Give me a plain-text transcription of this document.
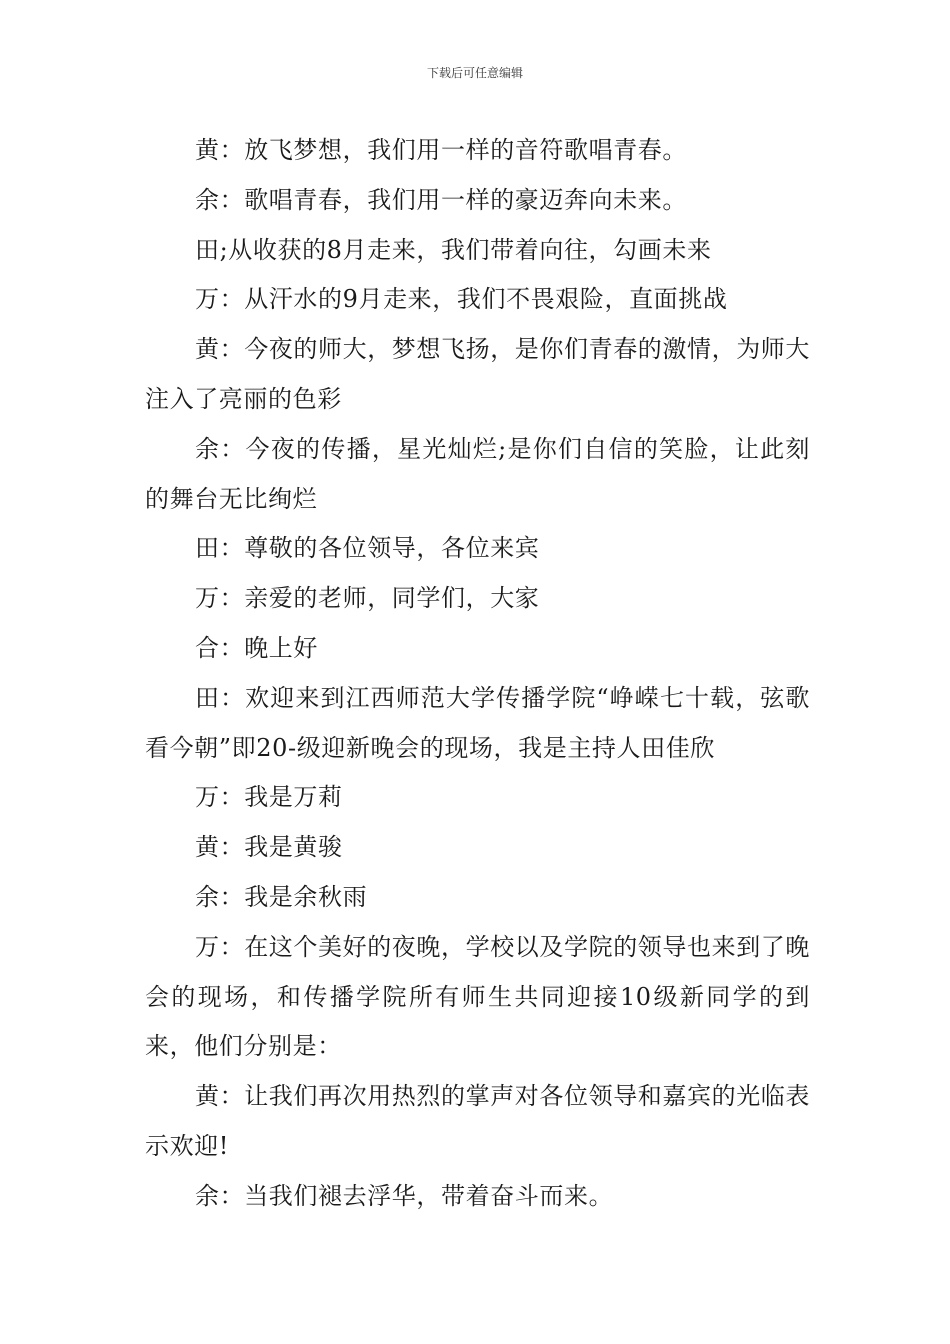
下载后可任意编辑

黄：放飞梦想，我们用一样的音符歌唱青春。

余：歌唱青春，我们用一样的豪迈奔向未来。

田;从收获的8月走来，我们带着向往，勾画未来

万：从汗水的9月走来，我们不畏艰险，直面挑战

黄：今夜的师大，梦想飞扬，是你们青春的激情，为师大注入了亮丽的色彩

余：今夜的传播，星光灿烂;是你们自信的笑脸，让此刻的舞台无比绚烂

田：尊敬的各位领导，各位来宾

万：亲爱的老师，同学们，大家

合：晚上好

田：欢迎来到江西师范大学传播学院“峥嵘七十载，弦歌看今朝”即20-级迎新晚会的现场，我是主持人田佳欣

万：我是万莉

黄：我是黄骏

余：我是余秋雨

万：在这个美好的夜晚，学校以及学院的领导也来到了晚会的现场，和传播学院所有师生共同迎接10级新同学的到来，他们分别是：

黄：让我们再次用热烈的掌声对各位领导和嘉宾的光临表示欢迎!

余：当我们褪去浮华，带着奋斗而来。
